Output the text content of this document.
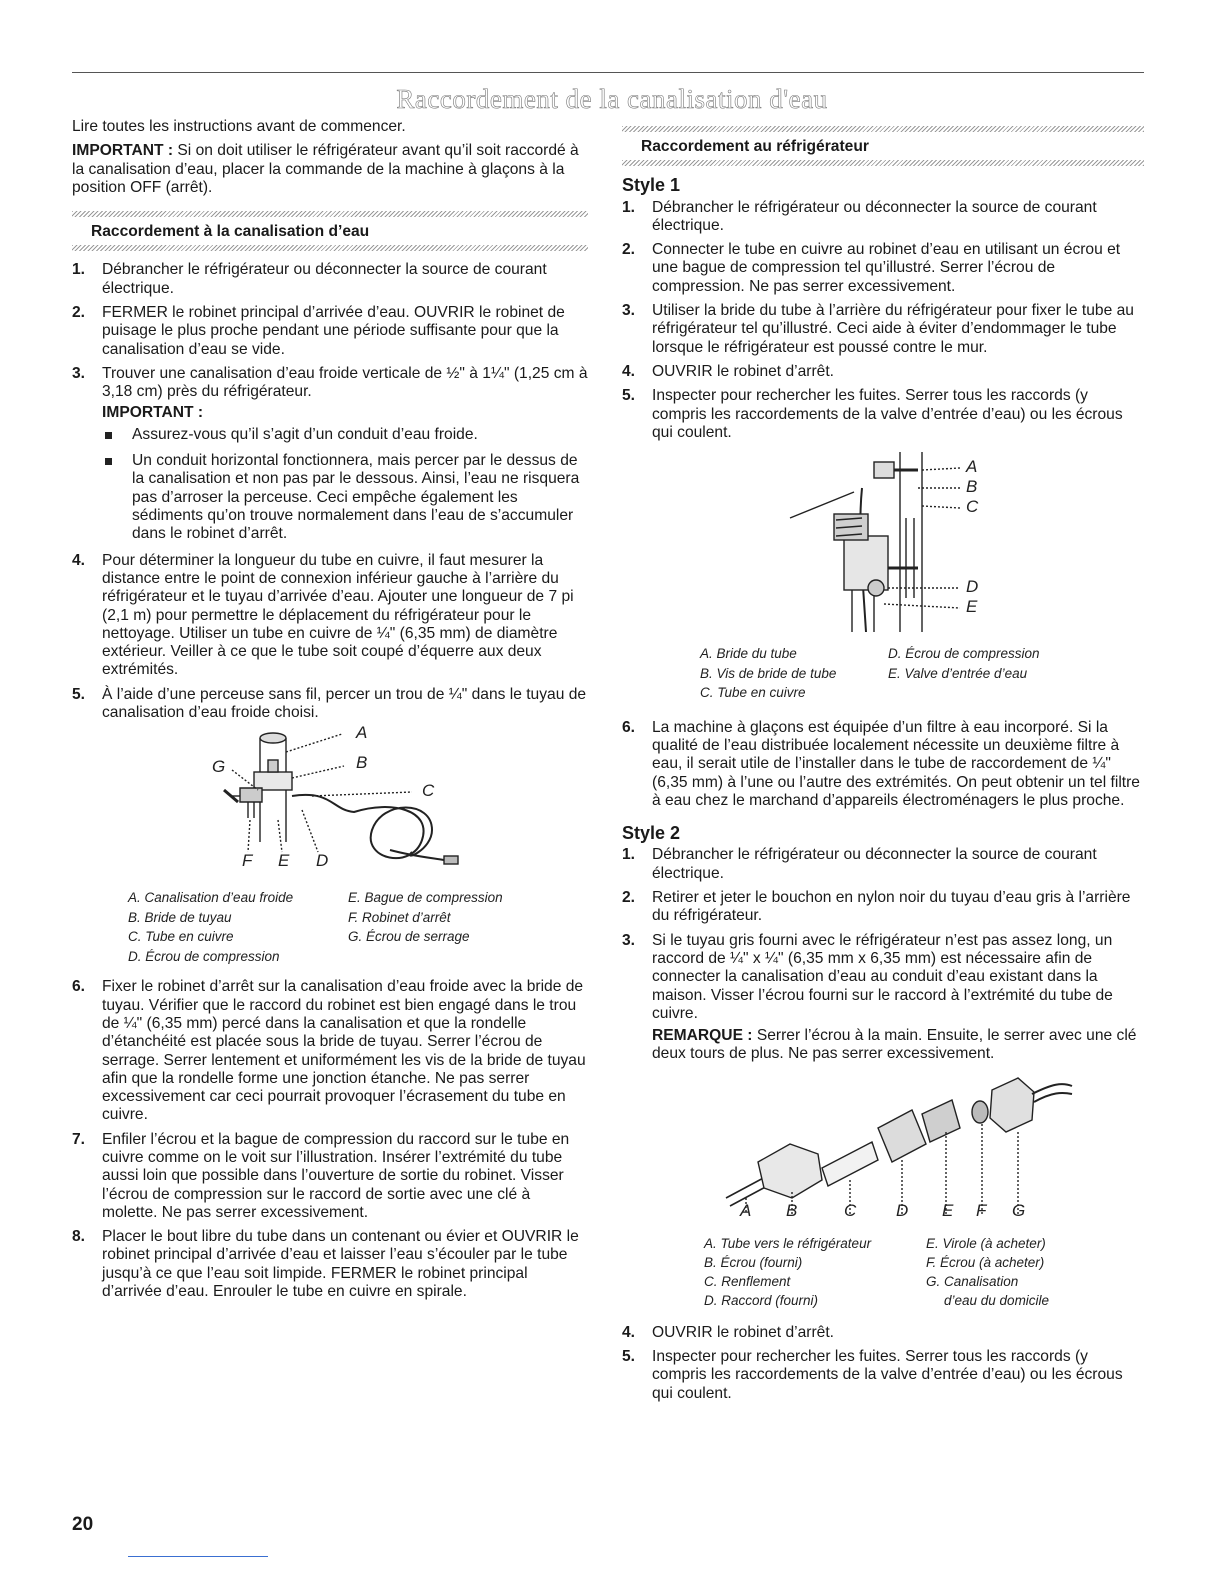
Raccordement de la canalisation d'eau

Lire toutes les instructions avant de commencer.

IMPORTANT : Si on doit utiliser le réfrigérateur avant qu’il soit raccordé à la canalisation d’eau, placer la commande de la machine à glaçons à la position OFF (arrêt).

Raccordement à la canalisation d’eau
1. Débrancher le réfrigérateur ou déconnecter la source de courant électrique.
2. FERMER le robinet principal d’arrivée d’eau. OUVRIR le robinet de puisage le plus proche pendant une période suffisante pour que la canalisation d’eau se vide.
3. Trouver une canalisation d’eau froide verticale de ½" à 1¼" (1,25 cm à 3,18 cm) près du réfrigérateur.
IMPORTANT :
Assurez-vous qu’il s’agit d’un conduit d’eau froide.
Un conduit horizontal fonctionnera, mais percer par le dessus de la canalisation et non pas par le dessous. Ainsi, l’eau ne risquera pas d’arroser la perceuse. Ceci empêche également les sédiments qu’on trouve normalement dans l’eau de s’accumuler dans le robinet d’arrêt.
4. Pour déterminer la longueur du tube en cuivre, il faut mesurer la distance entre le point de connexion inférieur gauche à l’arrière du réfrigérateur et le tuyau d’arrivée d’eau. Ajouter une longueur de 7 pi (2,1 m) pour permettre le déplacement du réfrigérateur pour le nettoyage. Utiliser un tube en cuivre de ¼" (6,35 mm) de diamètre extérieur. Veiller à ce que le tube soit coupé d’équerre aux deux extrémités.
5. À l’aide d’une perceuse sans fil, percer un trou de ¼" dans le tuyau de canalisation d’eau froide choisi.
A
B
C
G
F E D
A. Canalisation d’eau froide	E. Bague de compression
B. Bride de tuyau	F. Robinet d’arrêt
C. Tube en cuivre	G. Écrou de serrage
D. Écrou de compression
6. Fixer le robinet d’arrêt sur la canalisation d’eau froide avec la bride de tuyau. Vérifier que le raccord du robinet est bien engagé dans le trou de ¼" (6,35 mm) percé dans la canalisation et que la rondelle d’étanchéité est placée sous la bride de tuyau. Serrer l’écrou de serrage. Serrer lentement et uniformément les vis de la bride de tuyau afin que la rondelle forme une jonction étanche. Ne pas serrer excessivement car ceci pourrait provoquer l’écrasement du tube en cuivre.
7. Enfiler l’écrou et la bague de compression du raccord sur le tube en cuivre comme on le voit sur l’illustration. Insérer l’extrémité du tube aussi loin que possible dans l’ouverture de sortie du robinet. Visser l’écrou de compression sur le raccord de sortie avec une clé à molette. Ne pas serrer excessivement.
8. Placer le bout libre du tube dans un contenant ou évier et OUVRIR le robinet principal d’arrivée d’eau et laisser l’eau s’écouler par le tube jusqu’à ce que l’eau soit limpide. FERMER le robinet principal d’arrivée d’eau. Enrouler le tube en cuivre en spirale.
Raccordement au réfrigérateur
Style 1
1. Débrancher le réfrigérateur ou déconnecter la source de courant électrique.
2. Connecter le tube en cuivre au robinet d’eau en utilisant un écrou et une bague de compression tel qu’illustré. Serrer l’écrou de compression. Ne pas serrer excessivement.
3. Utiliser la bride du tube à l’arrière du réfrigérateur pour fixer le tube au réfrigérateur tel qu’illustré. Ceci aide à éviter d’endommager le tube lorsque le réfrigérateur est poussé contre le mur.
4. OUVRIR le robinet d’arrêt.
5. Inspecter pour rechercher les fuites. Serrer tous les raccords (y compris les raccordements de la valve d’entrée d’eau) ou les écrous qui coulent.
A
B
C
D
E
A. Bride du tube	D. Écrou de compression
B. Vis de bride de tube	E. Valve d’entrée d’eau
C. Tube en cuivre
6. La machine à glaçons est équipée d’un filtre à eau incorporé. Si la qualité de l’eau distribuée localement nécessite un deuxième filtre à eau, il serait utile de l’installer dans le tube de raccordement de ¼" (6,35 mm) à l’une ou l’autre des extrémités. On peut obtenir un tel filtre à eau chez le marchand d’appareils électroménagers le plus proche.
Style 2
1. Débrancher le réfrigérateur ou déconnecter la source de courant électrique.
2. Retirer et jeter le bouchon en nylon noir du tuyau d’eau gris à l’arrière du réfrigérateur.
3. Si le tuyau gris fourni avec le réfrigérateur n’est pas assez long, un raccord de ¼" x ¼" (6,35 mm x 6,35 mm) est nécessaire afin de connecter la canalisation d’eau au conduit d’eau existant dans la maison. Visser l’écrou fourni sur le raccord à l’extrémité du tube de cuivre.

REMARQUE : Serrer l’écrou à la main. Ensuite, le serrer avec une clé deux tours de plus. Ne pas serrer excessivement.

A B	C D E F G
A. Tube vers le réfrigérateur	E. Virole (à acheter)
B. Écrou (fourni)	F. Écrou (à acheter)
C. Renflement	G. Canalisation
D. Raccord (fourni)	d’eau du domicile
4. OUVRIR le robinet d’arrêt.
5. Inspecter pour rechercher les fuites. Serrer tous les raccords (y compris les raccordements de la valve d’entrée d’eau) ou les écrous qui coulent.
20
